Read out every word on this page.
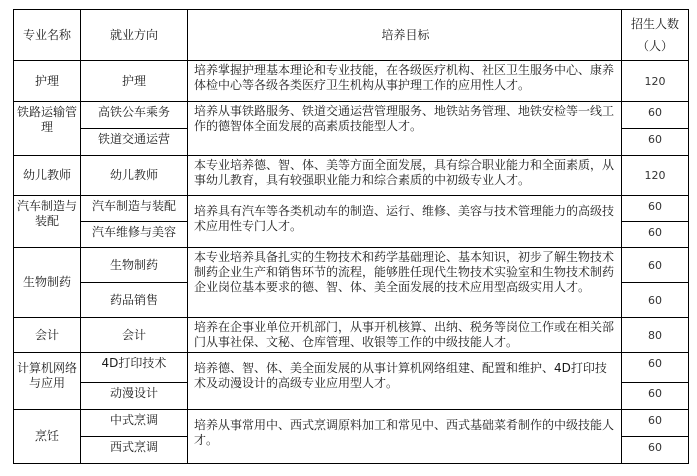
专业名称	就业方向	培养目标	招生人数
（人）

护理	护理	培养掌握护理基本理论和专业技能，在各级医疗机构、社区卫生服务中心、康养体检中心等各级各类医疗卫生机构从事护理工作的应用性人才。	120
铁路运输管理	高铁公车乘务	培养从事铁路服务、铁道交通运营管理服务、地铁站务管理、地铁安检等一线工作的德智体全面发展的高素质技能型人才。	60
	铁道交通运营		60
幼儿教师	幼儿教师	本专业培养德、智、体、美等方面全面发展，具有综合职业能力和全面素质，从事幼儿教育，具有较强职业能力和综合素质的中初级专业人才。	120
汽车制造与装配	汽车制造与装配	培养具有汽车等各类机动车的制造、运行、维修、美容与技术管理能力的高级技术应用性专门人才。	60
	汽车维修与美容		60
生物制药	生物制药	本专业培养具备扎实的生物技术和药学基础理论、基本知识，初步了解生物技术制药企业生产和销售环节的流程，能够胜任现代生物技术实验室和生物技术制药企业岗位基本要求的德、智、体、美全面发展的技术应用型高级实用人才。	60
	药品销售		60
会计	会计	培养在企事业单位开机部门，从事开机核算、出纳、税务等岗位工作或在相关部门从事社保、文秘、仓库管理、收银等工作的中级技能人才。	80
计算机网络与应用	4D打印技术	培养德、智、体、美全面发展的从事计算机网络组建、配置和维护、4D打印技术及动漫设计的高级专业应用型人才。	60
	动漫设计		60
烹饪	中式烹调	培养从事常用中、西式烹调原料加工和常见中、西式基础菜肴制作的中级技能人才。	60
	西式烹调		60
